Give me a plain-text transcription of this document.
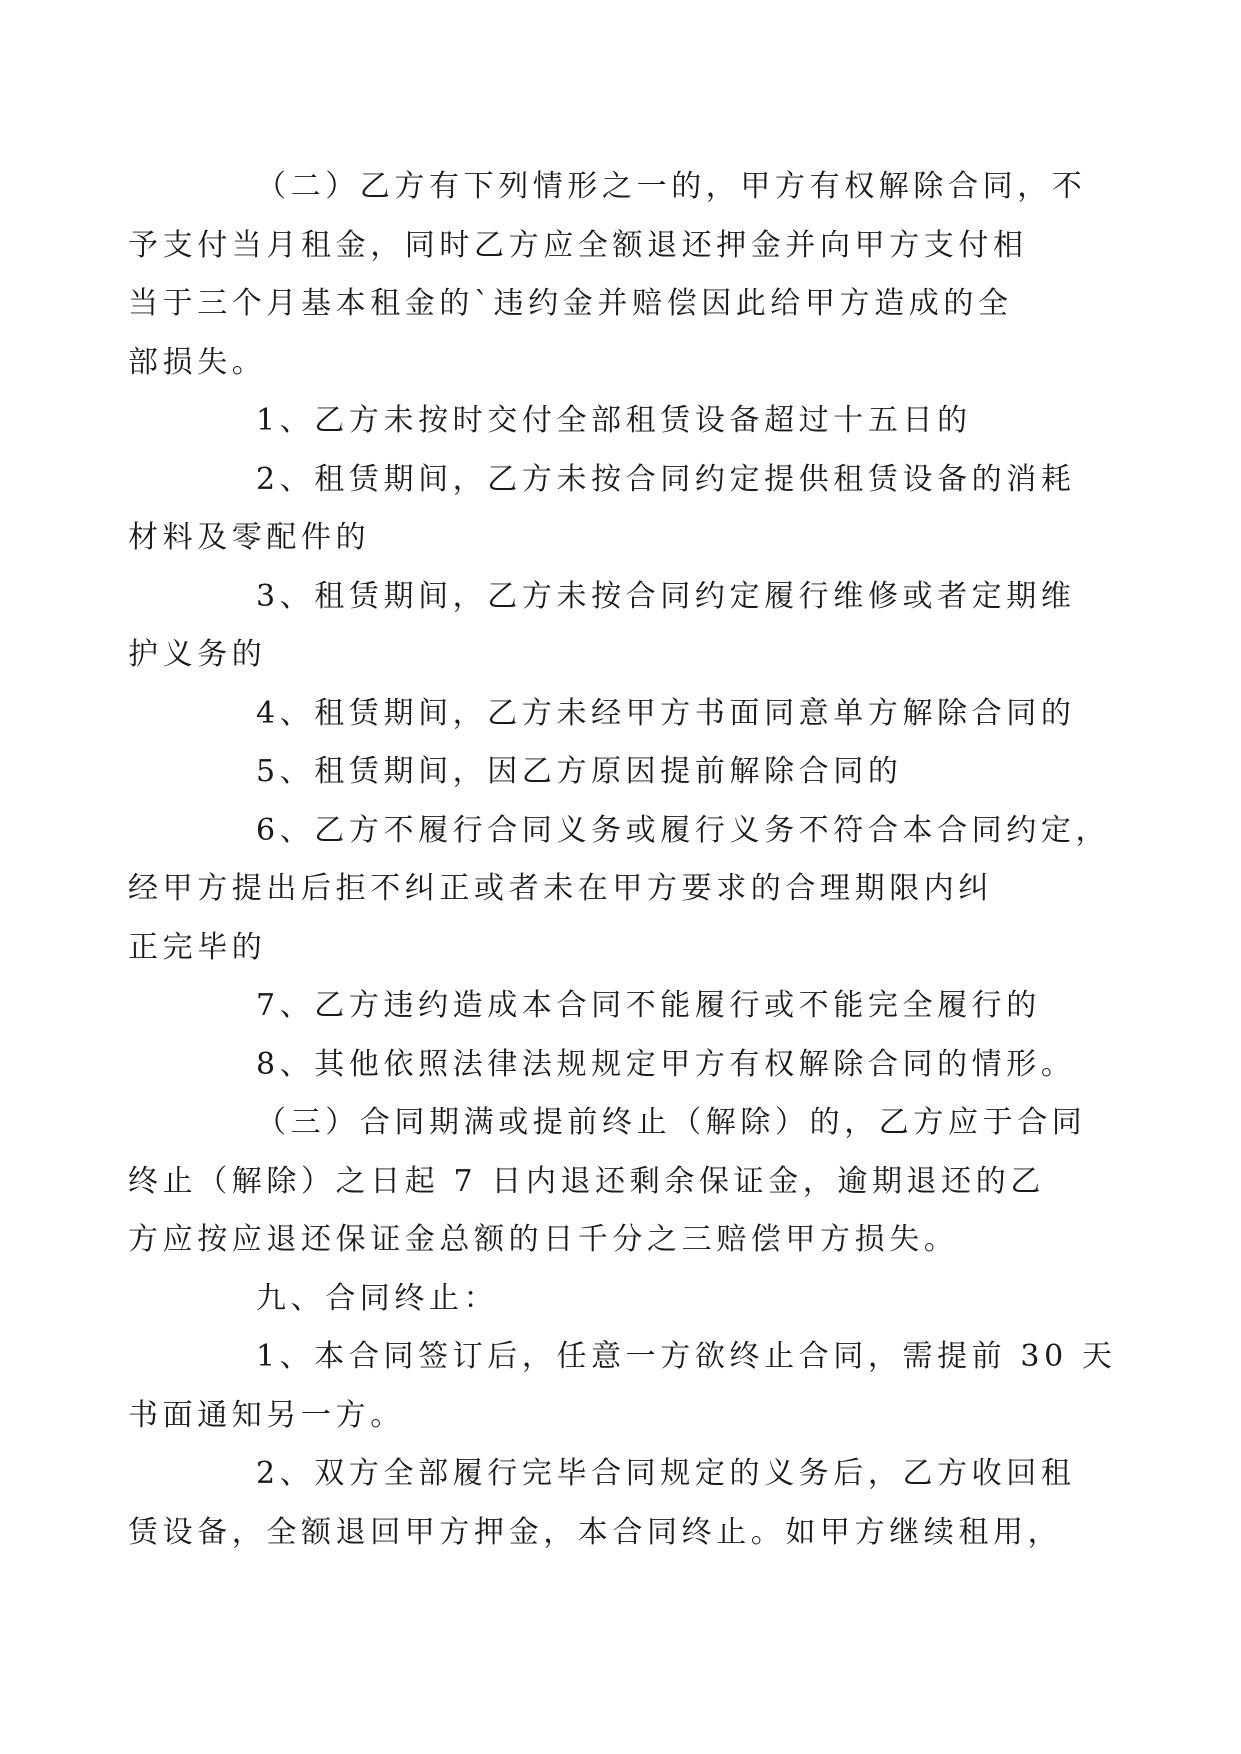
（二）乙方有下列情形之一的，甲方有权解除合同，不
予支付当月租金，同时乙方应全额退还押金并向甲方支付相
当于三个月基本租金的`违约金并赔偿因此给甲方造成的全
部损失。

1、乙方未按时交付全部租赁设备超过十五日的

2、租赁期间，乙方未按合同约定提供租赁设备的消耗
材料及零配件的

3、租赁期间，乙方未按合同约定履行维修或者定期维
护义务的

4、租赁期间，乙方未经甲方书面同意单方解除合同的

5、租赁期间，因乙方原因提前解除合同的

6、乙方不履行合同义务或履行义务不符合本合同约定，
经甲方提出后拒不纠正或者未在甲方要求的合理期限内纠
正完毕的

7、乙方违约造成本合同不能履行或不能完全履行的

8、其他依照法律法规规定甲方有权解除合同的情形。

（三）合同期满或提前终止（解除）的，乙方应于合同
终止（解除）之日起 7 日内退还剩余保证金，逾期退还的乙
方应按应退还保证金总额的日千分之三赔偿甲方损失。

九、合同终止：

1、本合同签订后，任意一方欲终止合同，需提前 30 天
书面通知另一方。

2、双方全部履行完毕合同规定的义务后，乙方收回租
赁设备，全额退回甲方押金，本合同终止。如甲方继续租用，
